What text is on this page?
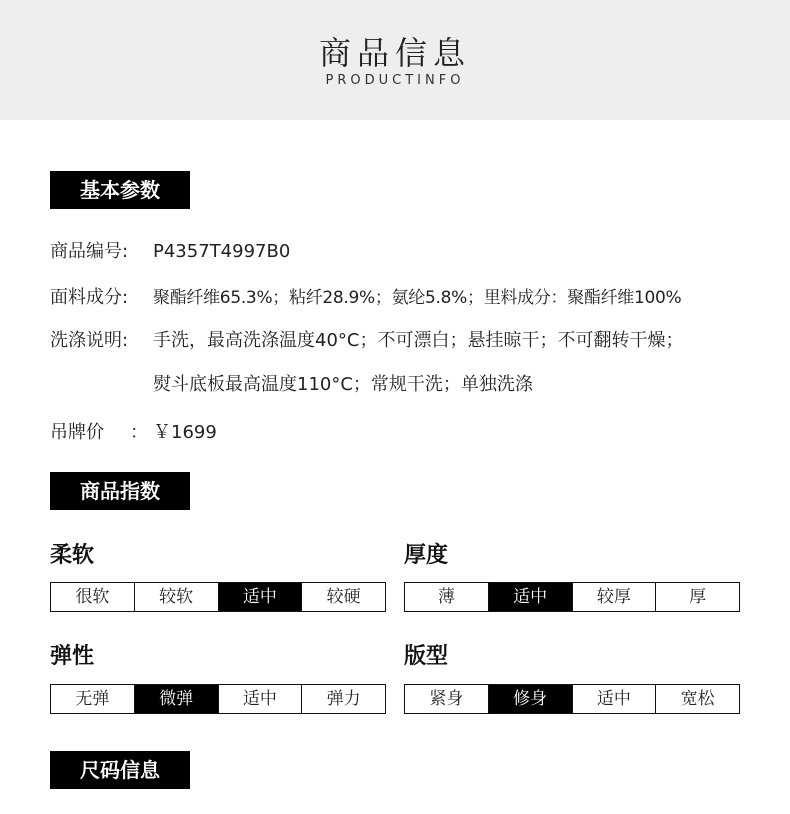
商品信息
PRODUCTINFO
基本参数
商品编号: P4357T4997B0
面料成分: 聚酯纤维65.3%；粘纤28.9%；氨纶5.8%；里料成分：聚酯纤维100%
洗涤说明: 手洗，最高洗涤温度40°C；不可漂白；悬挂晾干；不可翻转干燥；
熨斗底板最高温度110°C；常规干洗；单独洗涤
吊牌价 ： ￥1699
商品指数
柔软
很软	较软	适中	较硬
厚度
薄	适中	较厚	厚
弹性
无弹	微弹	适中	弹力
版型
紧身	修身	适中	宽松
尺码信息
